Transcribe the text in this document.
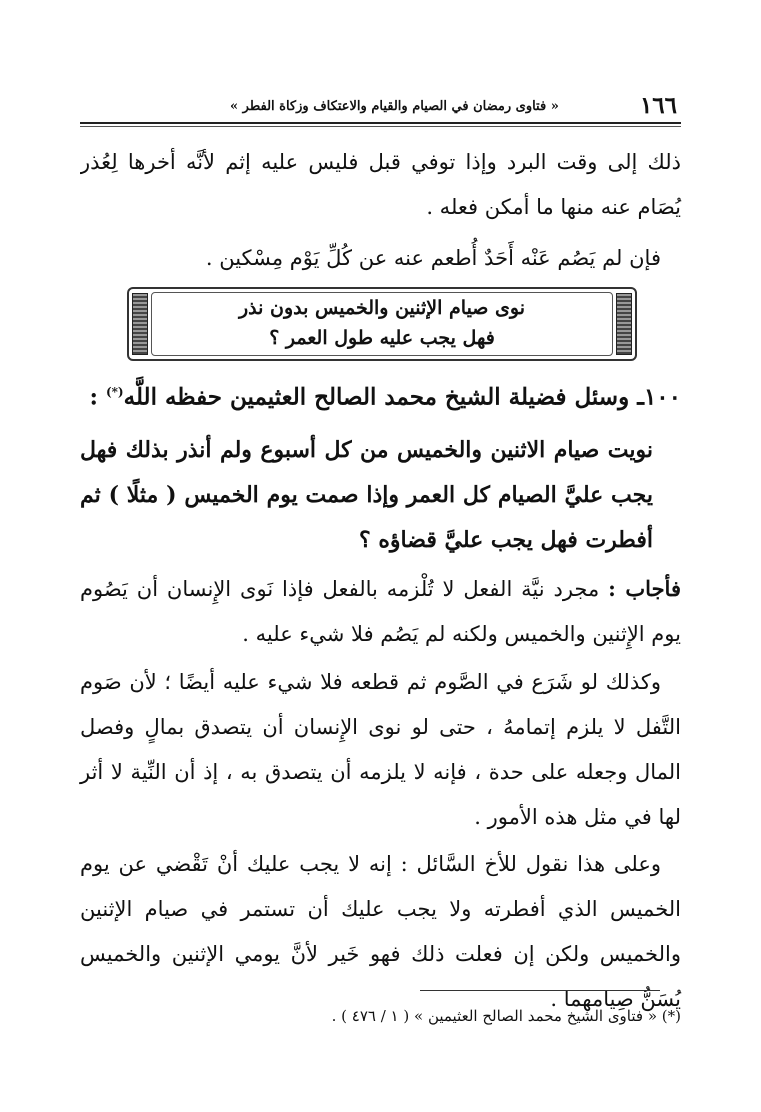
١٦٦
« فتاوى رمضان في الصيام والقيام والاعتكاف وزكاة الفطر »

ذلك إلى وقت البرد وإذا توفي قبل فليس عليه إثم لأنَّه أخرها لِعُذر

يُصَام عنه منها ما أمكن فعله .

فإن لم يَصُم عَنْه أَحَدٌ أُطعم عنه عن كُلِّ يَوْم مِسْكين .

نوى صيام الإثنين والخميس بدون نذر
فهل يجب عليه طول العمر ؟

١٠٠ـ وسئل فضيلة الشيخ محمد الصالح العثيمين حفظه اللَّه(*) :

نويت صيام الاثنين والخميس من كل أسبوع ولم أنذر بذلك فهل يجب عليَّ الصيام كل العمر وإذا صمت يوم الخميس ( مثلًا ) ثم أفطرت فهل يجب عليَّ قضاؤه ؟

فأجاب : مجرد نيَّة الفعل لا تُلْزمه بالفعل فإذا نَوى الإِنسان أن يَصُوم يوم الإِثنين والخميس ولكنه لم يَصُم فلا شيء عليه .

وكذلك لو شَرَع في الصَّوم ثم قطعه فلا شيء عليه أيضًا ؛ لأن صَوم التَّفل لا يلزم إتمامهُ ، حتى لو نوى الإِنسان أن يتصدق بمالٍ وفصل المال وجعله على حدة ، فإنه لا يلزمه أن يتصدق به ، إذ أن النِّية لا أثر لها في مثل هذه الأمور .

وعلى هذا نقول للأخ السَّائل : إنه لا يجب عليك أنْ تَقْضي عن يوم الخميس الذي أفطرته ولا يجب عليك أن تستمر في صيام الإثنين والخميس ولكن إن فعلت ذلك فهو خَير لأنَّ يومي الإثنين والخميس يُسَنُّ صِيامهما .

(*) « فتاوى الشيخ محمد الصالح العثيمين » ( ١ / ٤٧٦ ) .
